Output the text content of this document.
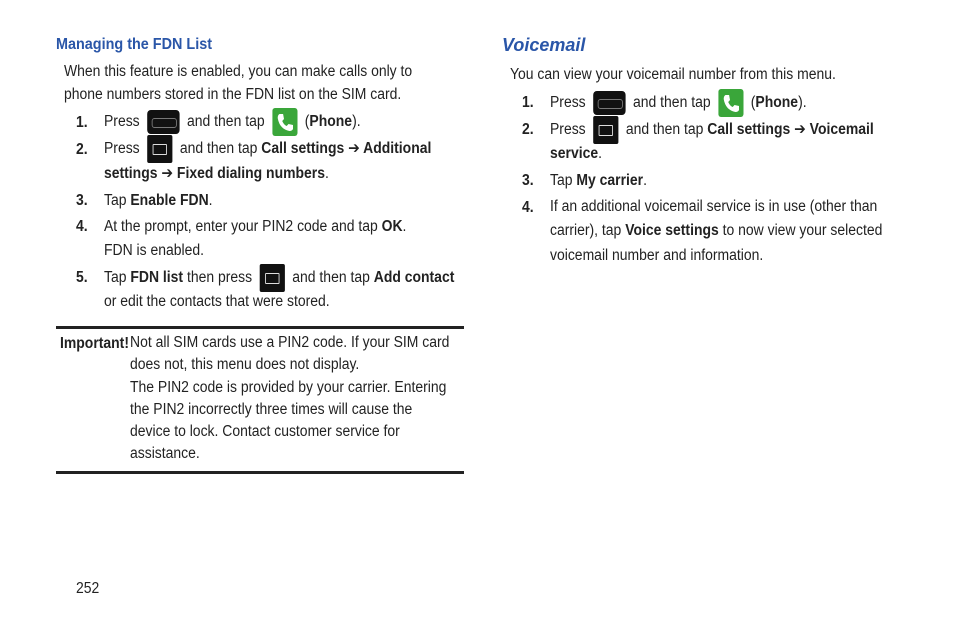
Managing the FDN List
When this feature is enabled, you can make calls only to
phone numbers stored in the FDN list on the SIM card.
1. Press	and then tap	(Phone).
2. Press	and then tap Call settings ➔ Additional
settings ➔ Fixed dialing numbers.
3. Tap Enable FDN.
4. At the prompt, enter your PIN2 code and tap OK.
FDN is enabled.
5. Tap FDN list then press	and then tap Add contact
or edit the contacts that were stored.
Important! Not all SIM cards use a PIN2 code. If your SIM card
does not, this menu does not display.
The PIN2 code is provided by your carrier. Entering
the PIN2 incorrectly three times will cause the
device to lock. Contact customer service for
assistance.
Voicemail
You can view your voicemail number from this menu.
1. Press	and then tap	(Phone).
2. Press	and then tap Call settings ➔ Voicemail
service.
3. Tap My carrier.
4. If an additional voicemail service is in use (other than
carrier), tap Voice settings to now view your selected
voicemail number and information.
252
